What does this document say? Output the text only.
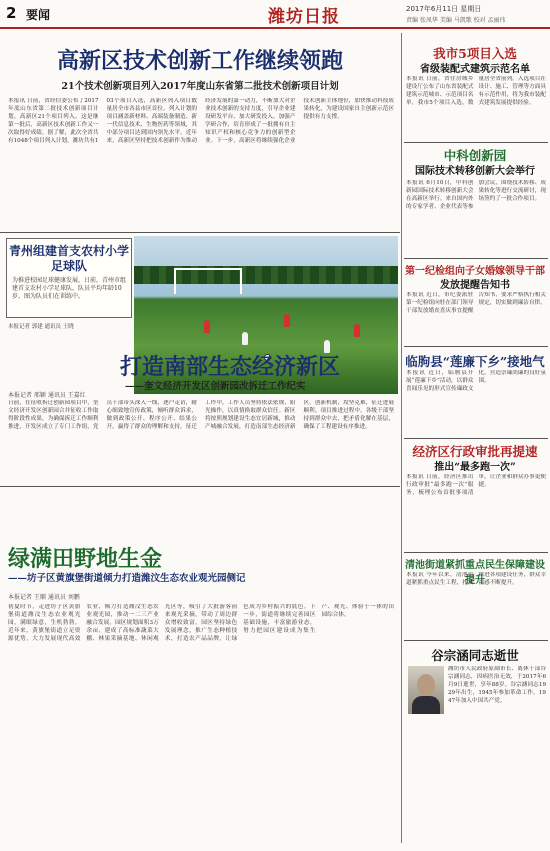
2 要闻	潍坊日报	2017年6月11日 星期日
责编 张凤华 美编 马凯歌 校对 孟丽玮
高新区技术创新工作继续领跑
21个技术创新项目列入2017年度山东省第二批技术创新项目计划
本报讯 日前，省经信委公布了2017年度山东省第二批技术创新项目计划，高新区21个项目列入。这是继第一批后，高新区技术创新工作又一次取得好成绩。据了解，此次全省共有1048个项目列入计划，潍坊共有103个项目入选，高新区列入项目数量居全市各县市区首位。列入计划的项目涵盖新材料、高端装备制造、新一代信息技术、生物医药等领域，其中部分项目达到国内领先水平。近年来，高新区坚持把技术创新作为推动经济发展的第一动力，不断加大对企业技术创新的支持力度，引导企业建设研发平台、加大研发投入、加强产学研合作，培育形成了一批拥有自主知识产权和核心竞争力的创新型企业。下一步，高新区将继续强化企业技术创新主体地位，加快推动科技成果转化，为建设国家自主创新示范区提供有力支撑。
青州组建首支农村小学足球队
为推进校园足球健康发展，日前，青州市组建首支农村小学足球队，队员平均年龄10岁。图为队员们在训练中。
本报记者 郭建 通讯员 王晓
打造南部生态经济新区
——奎文经济开发区创新园改拆迁工作纪实
本报记者 邢颖 通讯员 王嘉红
日前，在征收拆迁创新园项目中，奎文经济开发区创新园合并征收工作取得阶段性成果。为确保拆迁工作顺利推进，开发区成立了专门工作组，党员干部带头深入一线，逐户走访，耐心细致地宣传政策，倾听群众诉求，做到政策公开、程序公开、结果公开，赢得了群众的理解和支持。征迁工作中，工作人员坚持依法依规、阳光操作，以真情换取群众信任。新区将按照规划建设生态宜居新城，推动产城融合发展，打造南部生态经济新区。创新机制，攻坚克难，征迁进展顺利。项目推进过程中，各级干部坚持到群众中去，把矛盾化解在基层，确保了工程建设有序推进。
绿满田野地生金
——坊子区黄旗堡街道倾力打造潍汶生态农业观光园侧记
本报记者 王顺 通讯员 刘鹏
初夏时节，走进坊子区黄旗堡街道潍汶生态农业观光园，满眼绿意，生机勃勃。近年来，黄旗堡街道立足资源优势，大力发展现代高效农业，倾力打造潍汶生态农业观光园，推动一二三产业融合发展。园区规划面积3万余亩，建成了高标准蔬菜大棚、林果采摘基地、休闲观光区等，吸引了大批游客前来观光采摘，带动了周边群众增收致富。园区坚持绿色发展理念，推广生态种植技术，打造农产品品牌，让绿色成为乡村振兴的底色。下一步，街道将继续完善园区基础设施，丰富旅游业态，努力把园区建设成为集生产、观光、体验于一体的田园综合体。
我市5项目入选
省级装配式建筑示范名单
本报讯 日前，省住房城乡建设厅公布了山东省装配式建筑示范城市、示范项目名单，我市5个项目入选，数量居全省前列。入选项目在设计、施工、管理等方面具有示范作用，将为我市装配式建筑发展提供经验。
中科创新园
国际技术转移创新大会举行
本报讯 6月10日，中科创新园国际技术转移创新大会在高新区举行。来自国内外的专家学者、企业代表等参加会议，围绕技术转移、成果转化等进行交流研讨，现场签约了一批合作项目。
第一纪检组向子女婚嫁领导干部
发放提醒告知书
本报讯 近日，市纪委派驻第一纪检组向驻在部门领导干部发放婚丧喜庆事宜提醒告知书，要求严格执行相关规定，切实做到廉洁自律。
临朐县“莲廉下乡”接地气
本报讯 近日，临朐县开展“莲廉下乡”活动，以群众喜闻乐见的形式宣传廉政文化，营造崇廉尚廉的良好氛围。
经济区行政审批再提速
推出“最多跑一次”
本报讯 日前，经济区推出行政审批“最多跑一次”服务，梳理公布首批事项清单，让企业和群众办事更便捷。
清池街道紧抓重点民生保障建设提升
本报讯 今年以来，清池街道紧抓重点民生工程，扎实推进各项建设任务，群众幸福感不断提升。
谷宗涵同志逝世
潍坊市人民政府原副市长、离休干部谷宗涵同志，因病医治无效，于2017年6月9日逝世，享年88岁。谷宗涵同志1929年出生，1945年参加革命工作，1947年加入中国共产党。
